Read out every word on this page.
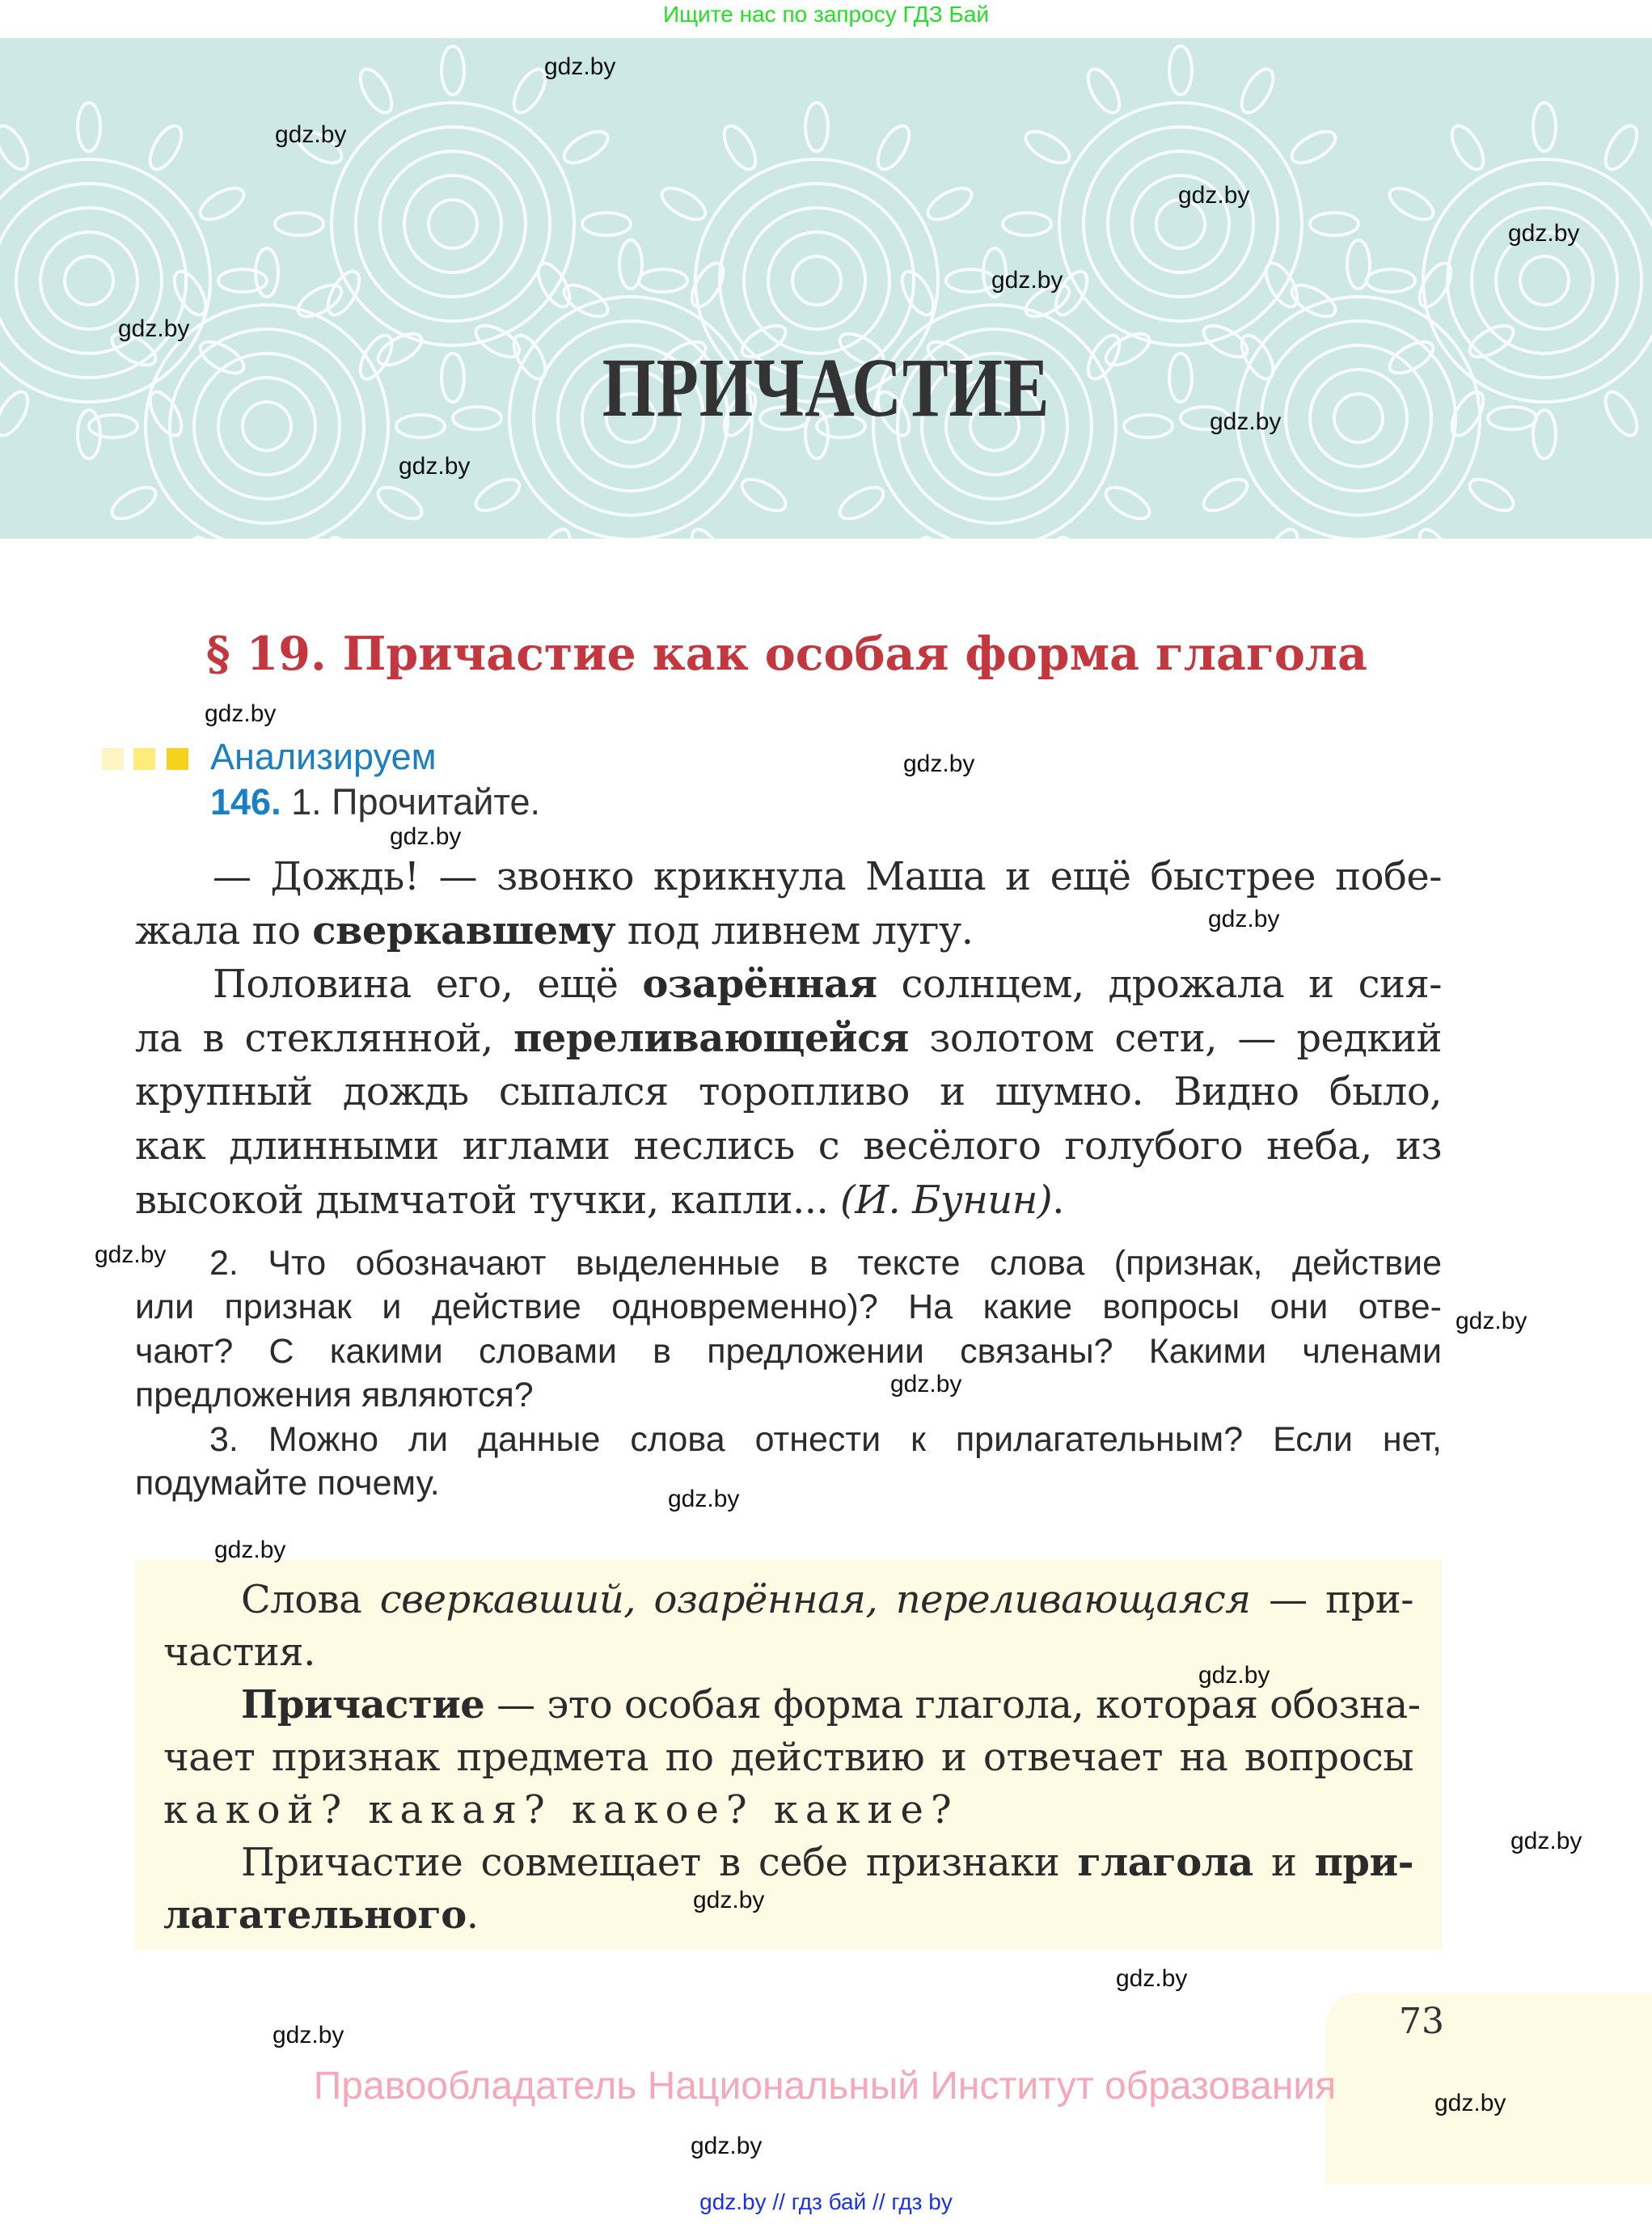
Ищите нас по запросу ГДЗ Бай
ПРИЧАСТИЕ
§ 19. Причастие как особая форма глагола
Анализируем
146. 1. Прочитайте.
— Дождь! — звонко крикнула Маша и ещё быстрее побе-
жала по сверкавшему под ливнем лугу.
Половина его, ещё озарённая солнцем, дрожала и сия-
ла в стеклянной, переливающейся золотом сети, — редкий
крупный дождь сыпался торопливо и шумно. Видно было,
как длинными иглами неслись с весёлого голубого неба, из
высокой дымчатой тучки, капли... (И. Бунин).
2. Что обозначают выделенные в тексте слова (признак, действие
или признак и действие одновременно)? На какие вопросы они отве-
чают? С какими словами в предложении связаны? Какими членами
предложения являются?
3. Можно ли данные слова отнести к прилагательным? Если нет,
подумайте почему.
Слова сверкавший, озарённая, переливающаяся — при-
частия.
Причастие — это особая форма глагола, которая обозна-
чает признак предмета по действию и отвечает на вопросы
какой? какая? какое? какие?
Причастие совмещает в себе признаки глагола и при-
лагательного.
73
Правообладатель Национальный Институт образования
gdz.by // гдз бай // гдз by
gdz.by
gdz.by
gdz.by
gdz.by
gdz.by
gdz.by
gdz.by
gdz.by
gdz.by
gdz.by
gdz.by
gdz.by
gdz.by
gdz.by
gdz.by
gdz.by
gdz.by
gdz.by
gdz.by
gdz.by
gdz.by
gdz.by
gdz.by
gdz.by
